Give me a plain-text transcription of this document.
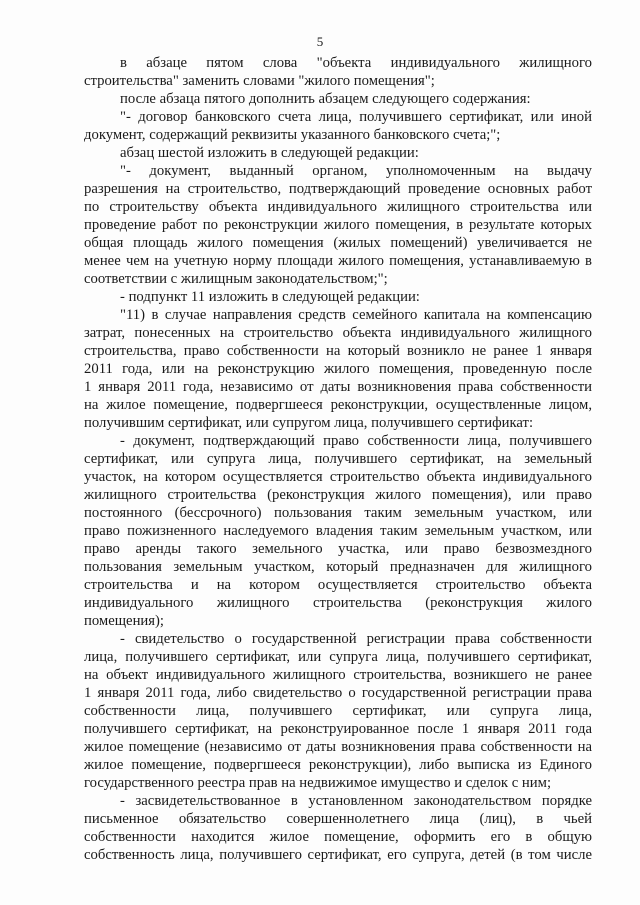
5
в абзаце пятом слова "объекта индивидуального жилищного
строительства" заменить словами "жилого помещения";
после абзаца пятого дополнить абзацем следующего содержания:
"- договор банковского счета лица, получившего сертификат, или иной
документ, содержащий реквизиты указанного банковского счета;";
абзац шестой изложить в следующей редакции:
"- документ, выданный органом, уполномоченным на выдачу
разрешения на строительство, подтверждающий проведение основных работ
по строительству объекта индивидуального жилищного строительства или
проведение работ по реконструкции жилого помещения, в результате которых
общая площадь жилого помещения (жилых помещений) увеличивается не
менее чем на учетную норму площади жилого помещения, устанавливаемую в
соответствии с жилищным законодательством;";
- подпункт 11 изложить в следующей редакции:
"11) в случае направления средств семейного капитала на компенсацию
затрат, понесенных на строительство объекта индивидуального жилищного
строительства, право собственности на который возникло не ранее 1 января
2011 года, или на реконструкцию жилого помещения, проведенную после
1 января 2011 года, независимо от даты возникновения права собственности
на жилое помещение, подвергшееся реконструкции, осуществленные лицом,
получившим сертификат, или супругом лица, получившего сертификат:
- документ, подтверждающий право собственности лица, получившего
сертификат, или супруга лица, получившего сертификат, на земельный
участок, на котором осуществляется строительство объекта индивидуального
жилищного строительства (реконструкция жилого помещения), или право
постоянного (бессрочного) пользования таким земельным участком, или
право пожизненного наследуемого владения таким земельным участком, или
право аренды такого земельного участка, или право безвозмездного
пользования земельным участком, который предназначен для жилищного
строительства и на котором осуществляется строительство объекта
индивидуального жилищного строительства (реконструкция жилого
помещения);
- свидетельство о государственной регистрации права собственности
лица, получившего сертификат, или супруга лица, получившего сертификат,
на объект индивидуального жилищного строительства, возникшего не ранее
1 января 2011 года, либо свидетельство о государственной регистрации права
собственности лица, получившего сертификат, или супруга лица,
получившего сертификат, на реконструированное после 1 января 2011 года
жилое помещение (независимо от даты возникновения права собственности на
жилое помещение, подвергшееся реконструкции), либо выписка из Единого
государственного реестра прав на недвижимое имущество и сделок с ним;
- засвидетельствованное в установленном законодательством порядке
письменное обязательство совершеннолетнего лица (лиц), в чьей
собственности находится жилое помещение, оформить его в общую
собственность лица, получившего сертификат, его супруга, детей (в том числе
